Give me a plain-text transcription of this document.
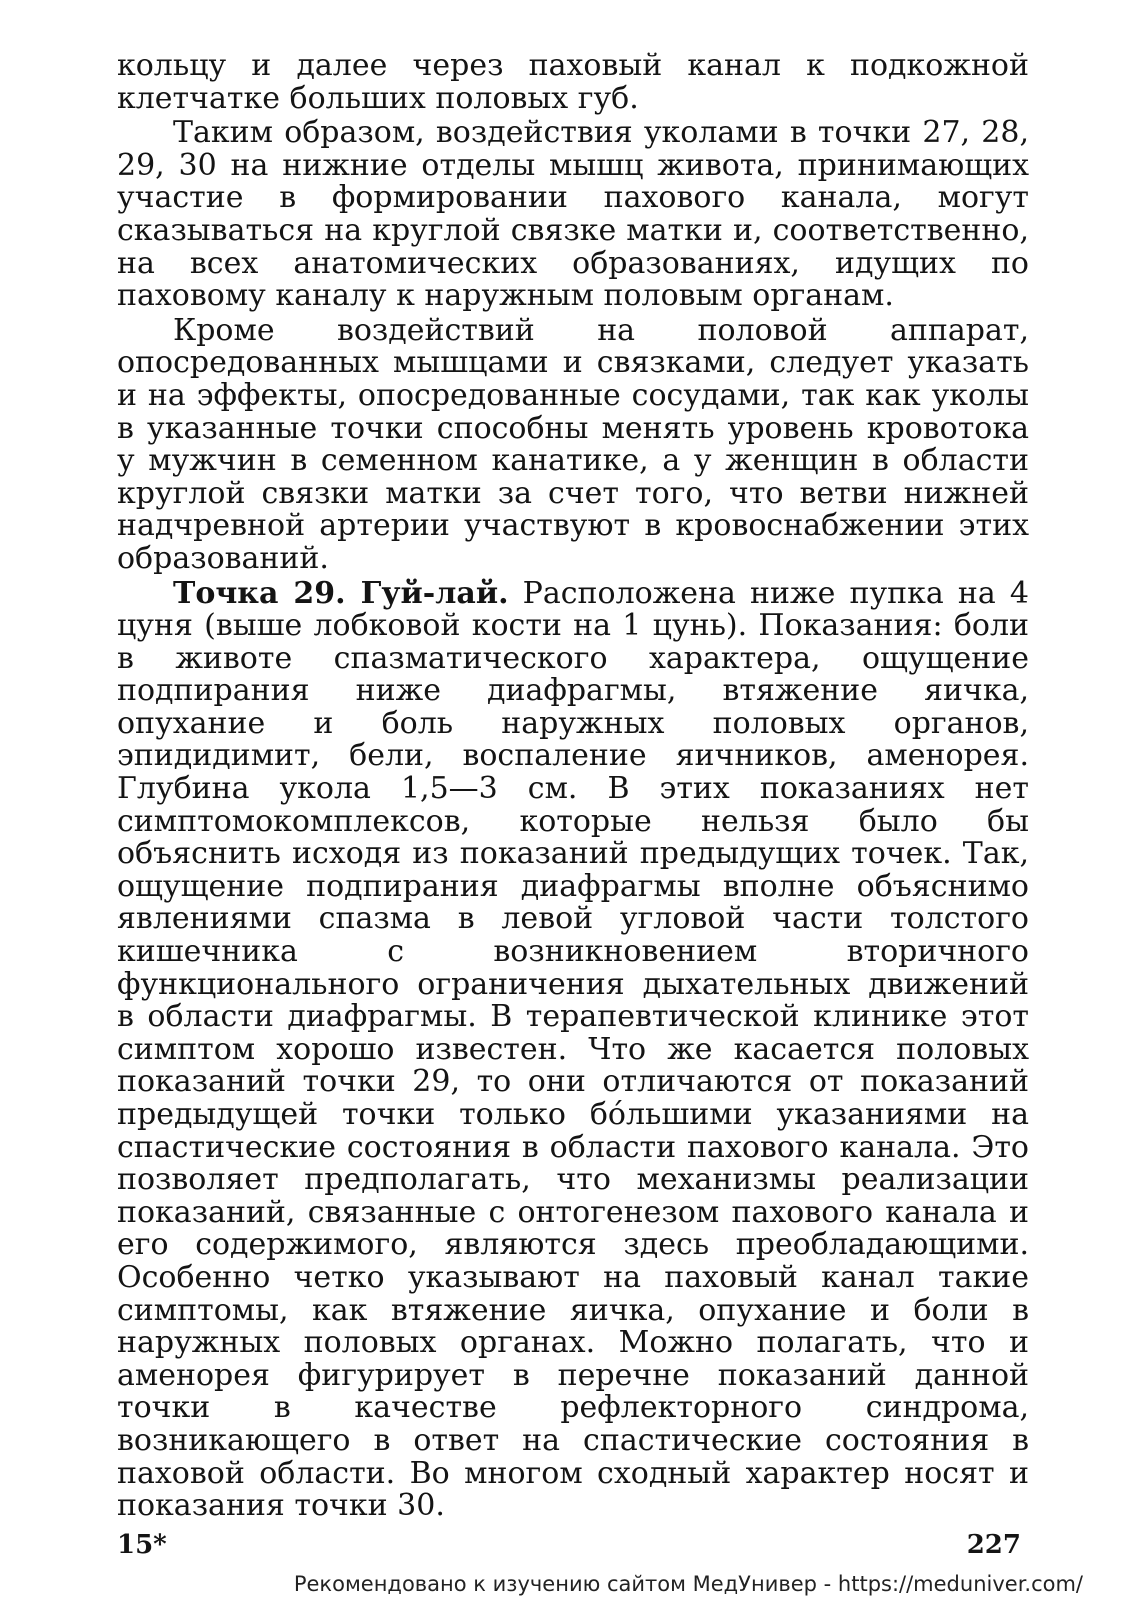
кольцу и далее через паховый канал к подкожной клетчатке больших половых губ.

Таким образом, воздействия уколами в точки 27, 28, 29, 30 на нижние отделы мышц живота, принимающих участие в формировании пахового канала, могут сказываться на круглой связке матки и, соответственно, на всех анатомических образованиях, идущих по паховому каналу к наружным половым органам.

Кроме воздействий на половой аппарат, опосредованных мышцами и связками, следует указать и на эффекты, опосредованные сосудами, так как уколы в указанные точки способны менять уровень кровотока у мужчин в семенном канатике, а у женщин в области круглой связки матки за счет того, что ветви нижней надчревной артерии участвуют в кровоснабжении этих образований.

Точка 29. Гуй-лай. Расположена ниже пупка на 4 цуня (выше лобковой кости на 1 цунь). Показания: боли в животе спазматического характера, ощущение подпирания ниже диафрагмы, втяжение яичка, опухание и боль наружных половых органов, эпидидимит, бели, воспаление яичников, аменорея. Глубина укола 1,5—3 см. В этих показаниях нет симптомокомплексов, которые нельзя было бы объяснить исходя из показаний предыдущих точек. Так, ощущение подпирания диафрагмы вполне объяснимо явлениями спазма в левой угловой части толстого кишечника с возникновением вторичного функционального ограничения дыхательных движений в области диафрагмы. В терапевтической клинике этот симптом хорошо известен. Что же касается половых показаний точки 29, то они отличаются от показаний предыдущей точки только бо́льшими указаниями на спастические состояния в области пахового канала. Это позволяет предполагать, что механизмы реализации показаний, связанные с онтогенезом пахового канала и его содержимого, являются здесь преобладающими. Особенно четко указывают на паховый канал такие симптомы, как втяжение яичка, опухание и боли в наружных половых органах. Можно полагать, что и аменорея фигурирует в перечне показаний данной точки в качестве рефлекторного синдрома, возникающего в ответ на спастические состояния в паховой области. Во многом сходный характер носят и показания точки 30.

15*	227
Рекомендовано к изучению сайтом МедУнивер - https://meduniver.com/
